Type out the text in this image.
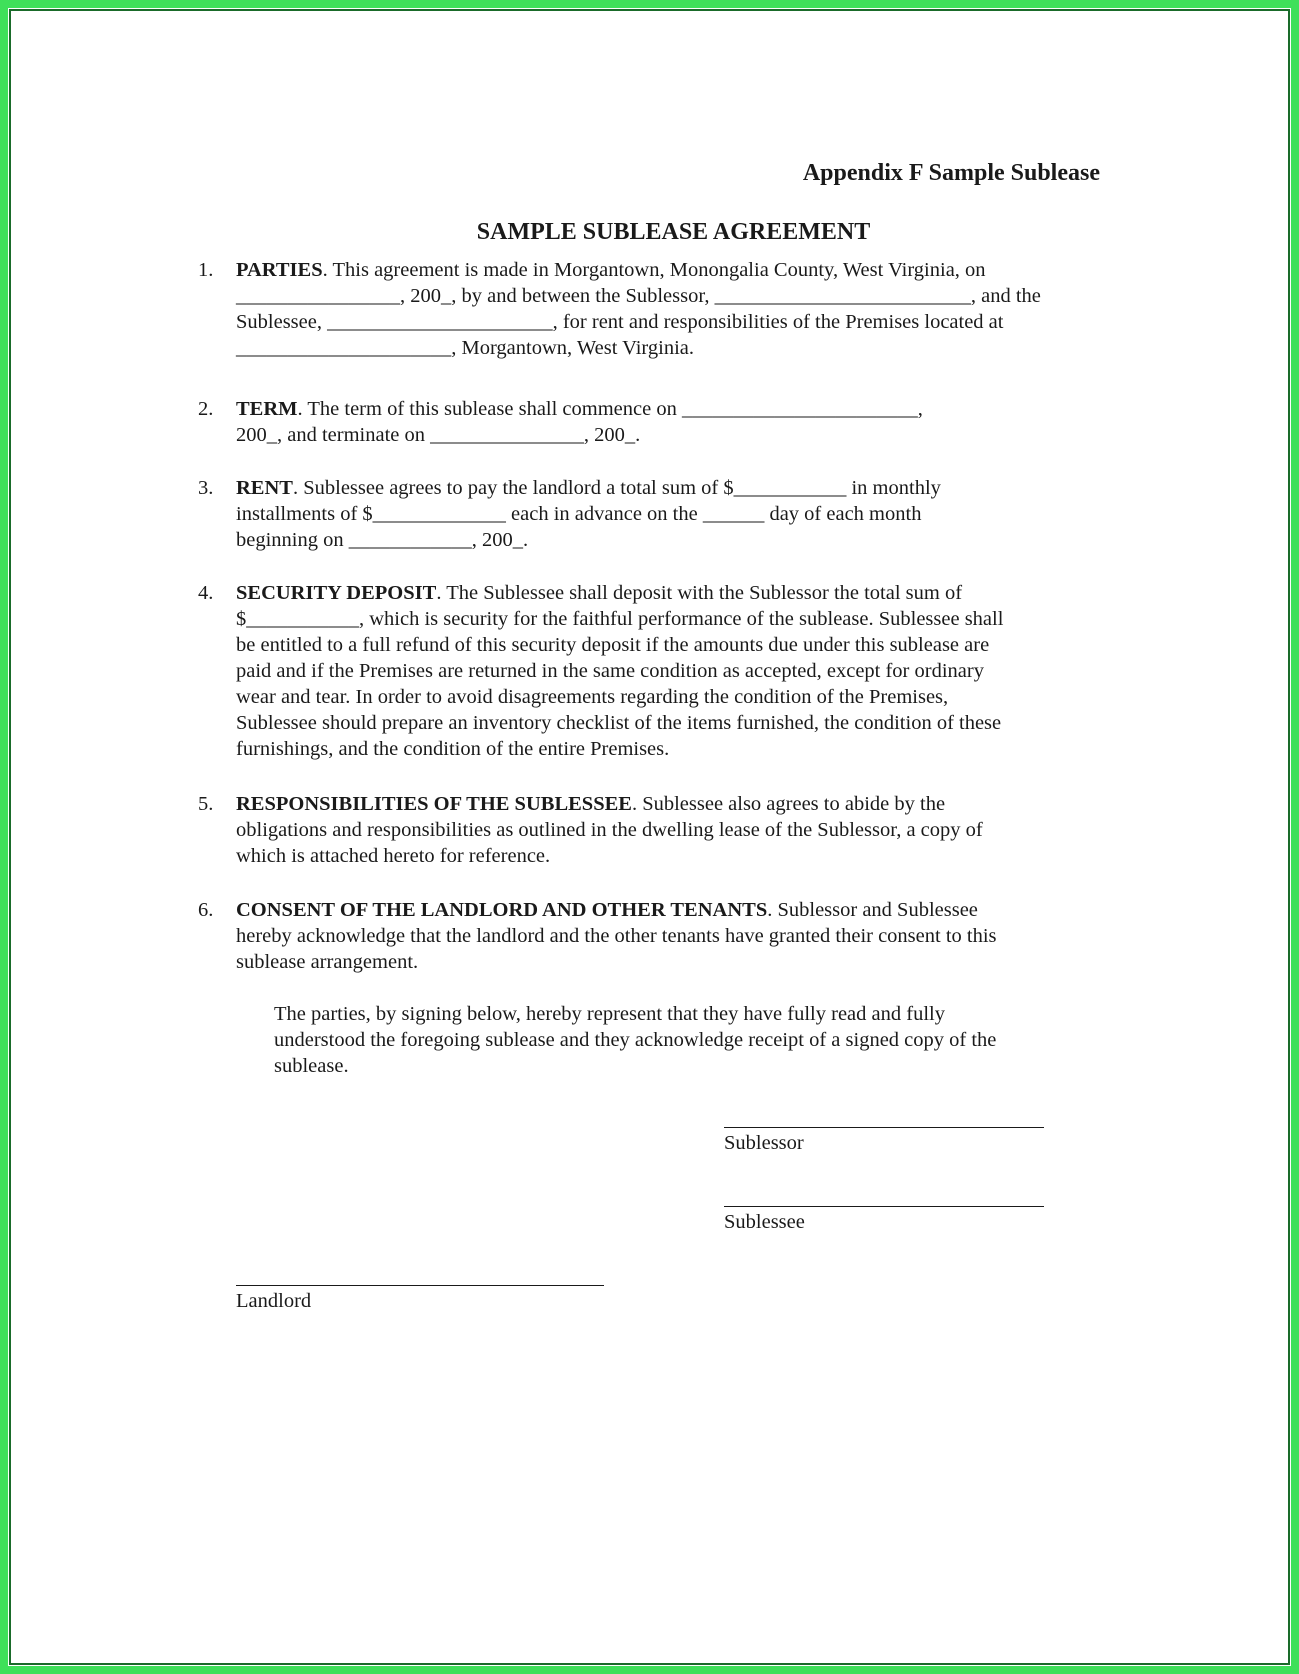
Appendix F Sample Sublease
SAMPLE SUBLEASE AGREEMENT
1.	PARTIES. This agreement is made in Morgantown, Monongalia County, West Virginia, on
________________, 200_, by and between the Sublessor, _________________________, and the
Sublessee, ______________________, for rent and responsibilities of the Premises located at
_____________________, Morgantown, West Virginia.
2.	TERM. The term of this sublease shall commence on _______________________,
200_, and terminate on _______________, 200_.
3.	RENT. Sublessee agrees to pay the landlord a total sum of $___________ in monthly
installments of $_____________ each in advance on the ______ day of each month
beginning on ____________, 200_.
4.	SECURITY DEPOSIT. The Sublessee shall deposit with the Sublessor the total sum of
$___________, which is security for the faithful performance of the sublease. Sublessee shall
be entitled to a full refund of this security deposit if the amounts due under this sublease are
paid and if the Premises are returned in the same condition as accepted, except for ordinary
wear and tear. In order to avoid disagreements regarding the condition of the Premises,
Sublessee should prepare an inventory checklist of the items furnished, the condition of these
furnishings, and the condition of the entire Premises.
5.	RESPONSIBILITIES OF THE SUBLESSEE. Sublessee also agrees to abide by the
obligations and responsibilities as outlined in the dwelling lease of the Sublessor, a copy of
which is attached hereto for reference.
6.	CONSENT OF THE LANDLORD AND OTHER TENANTS. Sublessor and Sublessee
hereby acknowledge that the landlord and the other tenants have granted their consent to this
sublease arrangement.
The parties, by signing below, hereby represent that they have fully read and fully
understood the foregoing sublease and they acknowledge receipt of a signed copy of the
sublease.
Sublessor
Sublessee
Landlord
